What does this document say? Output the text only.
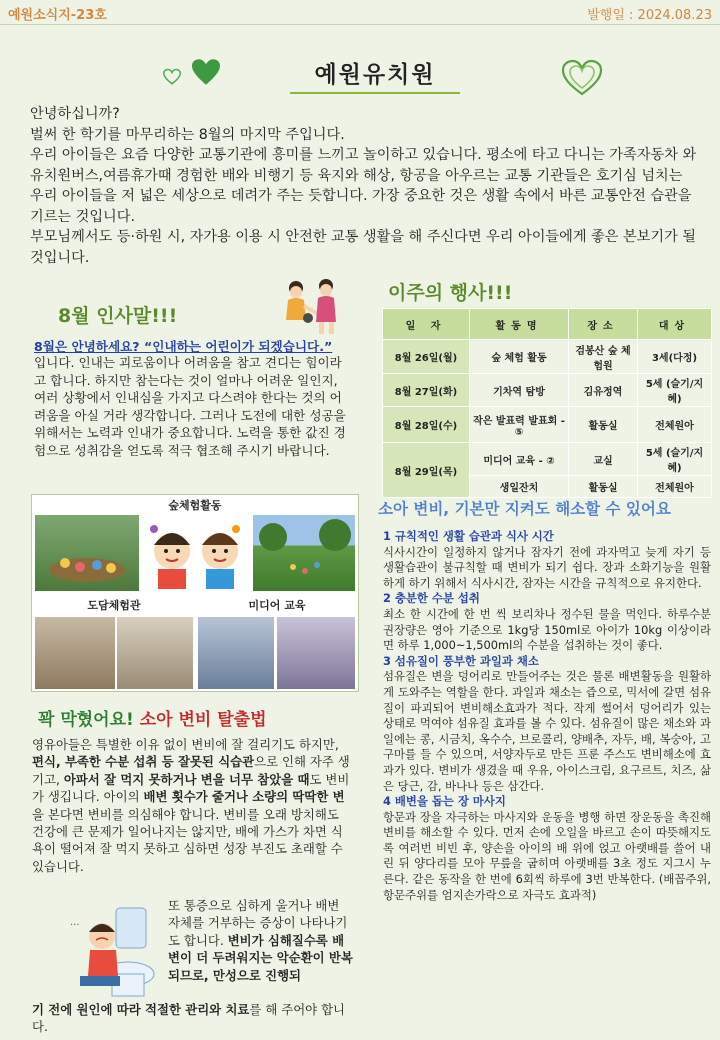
예원소식지-23호	발행일 : 2024.08.23
예원유치원

안녕하십니까?

벌써 한 학기를 마무리하는 8월의 마지막 주입니다.

우리 아이들은 요즘 다양한 교통기관에 흥미를 느끼고 놀이하고 있습니다. 평소에 타고 다니는 가족자동차 와 유치원버스,여름휴가때 경험한 배와 비행기 등 육지와 해상, 항공을 아우르는 교통 기관들은 호기심 넘치는 우리 아이들을 저 넓은 세상으로 데려가 주는 듯합니다. 가장 중요한 것은 생활 속에서 바른 교통안전 습관을 기르는 것입니다.

부모님께서도 등·하원 시, 자가용 이용 시 안전한 교통 생활을 해 주신다면 우리 아이들에게 좋은 본보기가 될 것입니다.

8월 인사말!!!
8월은 안녕하세요? “인내하는 어린이가 되겠습니다.”
입니다. 인내는 괴로움이나 어려움을 참고 견디는 힘이라고 합니다. 하지만 참는다는 것이 얼마나 어려운 일인지, 여러 상황에서 인내심을 가지고 다스려야 한다는 것의 어려움을 아실 거라 생각합니다. 그러나 도전에 대한 성공을 위해서는 노력과 인내가 중요합니다. 노력을 통한 값진 경험으로 성취감을 얻도록 적극 협조해 주시기 바랍니다.
숲체험활동
도담체험관	미디어 교육
이주의 행사!!!
일 자	활동명	장소	대상
8월 26일(월)	숲 체험 활동	검봉산 숲 체험원	3세(다정)
8월 27일(화)	기차역 탐방	김유정역	5세 (슬기/지혜)
8월 28일(수)	작은 발표력 발표회 - ⑤	활동실	전체원아
8월 29일(목)	미디어 교육 - ②	교실	5세 (슬기/지혜)
	생일잔치	활동실	전체원아
소아 변비, 기본만 지켜도 해소할 수 있어요

1 규칙적인 생활 습관과 식사 시간

식사시간이 일정하지 않거나 잠자기 전에 과자먹고 늦게 자기 등 생활습관이 불규칙할 때 변비가 되기 쉽다. 장과 소화기능을 원활하게 하기 위해서 식사시간, 잠자는 시간을 규칙적으로 유지한다.

2 충분한 수분 섭취

최소 한 시간에 한 번 씩 보리차나 정수된 물을 먹인다. 하루수분 권장량은 영아 기준으로 1kg당 150ml로 아이가 10kg 이상이라면 하루 1,000~1,500ml의 수분을 섭취하는 것이 좋다.

3 섬유질이 풍부한 과일과 채소

섬유질은 변을 덩어리로 만들어주는 것은 물론 배변활동을 원활하게 도와주는 역할을 한다. 과일과 채소는 즙으로, 믹서에 갈면 섬유질이 파괴되어 변비해소효과가 적다. 작게 썰어서 덩어리가 있는 상태로 먹여야 섬유질 효과를 볼 수 있다. 섬유질이 많은 채소와 과일에는 콩, 시금치, 옥수수, 브로콜리, 양배추, 자두, 배, 복숭아, 고구마를 들 수 있으며, 서양자두로 만든 프룬 주스도 변비해소에 효과가 있다. 변비가 생겼을 때 우유, 아이스크림, 요구르트, 치즈, 삶은 당근, 감, 바나나 등은 삼간다.

4 배변을 돕는 장 마사지

항문과 장을 자극하는 마사지와 운동을 병행 하면 장운동을 촉진해 변비를 해소할 수 있다. 먼저 손에 오일을 바르고 손이 따뜻해지도록 여러번 비빈 후, 양손을 아이의 배 위에 얹고 아랫배를 쓸어 내린 뒤 양다리를 모아 무릎을 굽히며 아랫배를 3초 정도 지그시 누른다. 같은 동작을 한 번에 6회씩 하루에 3번 반복한다. (배꼽주위, 항문주위를 엄지손가락으로 자극도 효과적)

꽉 막혔어요! 소아 변비 탈출법
영유아들은 특별한 이유 없이 변비에 잘 걸리기도 하지만, 편식, 부족한 수분 섭취 등 잘못된 식습관으로 인해 자주 생기고, 아파서 잘 먹지 못하거나 변을 너무 참았을 때도 변비가 생깁니다. 아이의 배변 횟수가 줄거나 소량의 딱딱한 변을 본다면 변비를 의심해야 합니다. 변비를 오래 방치해도 건강에 큰 문제가 일어나지는 않지만, 배에 가스가 차면 식욕이 떨어져 잘 먹지 못하고 심하면 성장 부진도 초래할 수 있습니다.
···
또 통증으로 심하게 울거나 배변 자체를 거부하는 증상이 나타나기도 합니다. 변비가 심해질수록 배변이 더 두려워지는 악순환이 반복되므로, 만성으로 진행되
기 전에 원인에 따라 적절한 관리와 치료를 해 주어야 합니다.
